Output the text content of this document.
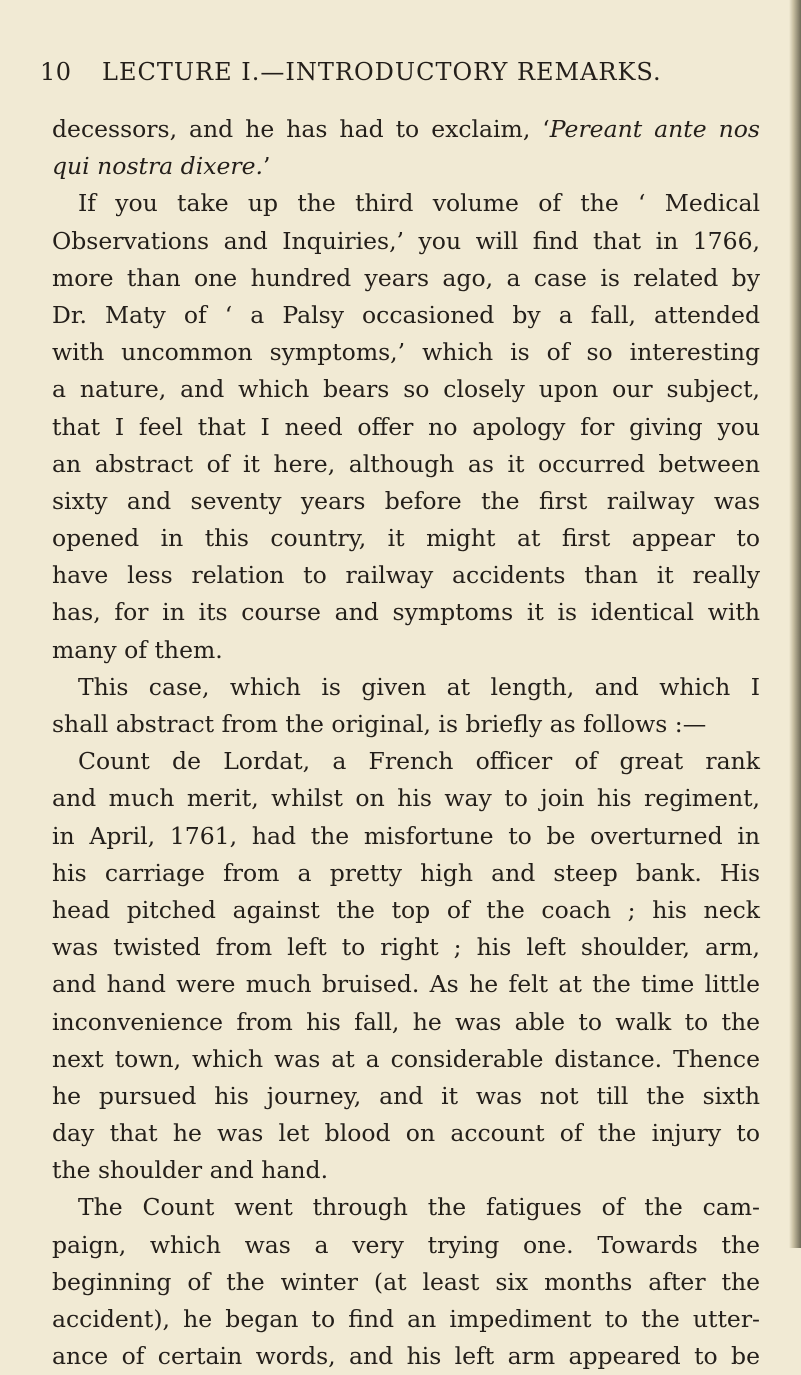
10 LECTURE I.—INTRODUCTORY REMARKS.
decessors, and he has had to exclaim, ‘Pereant ante nos
qui nostra dixere.’
If you take up the third volume of the ‘ Medical
Observations and Inquiries,’ you will find that in 1766,
more than one hundred years ago, a case is related by
Dr. Maty of ‘ a Palsy occasioned by a fall, attended
with uncommon symptoms,’ which is of so interesting
a nature, and which bears so closely upon our subject,
that I feel that I need offer no apology for giving you
an abstract of it here, although as it occurred between
sixty and seventy years before the first railway was
opened in this country, it might at first appear to
have less relation to railway accidents than it really
has, for in its course and symptoms it is identical with
many of them.
This case, which is given at length, and which I
shall abstract from the original, is briefly as follows :—
Count de Lordat, a French officer of great rank
and much merit, whilst on his way to join his regiment,
in April, 1761, had the misfortune to be overturned in
his carriage from a pretty high and steep bank. His
head pitched against the top of the coach ; his neck
was twisted from left to right ; his left shoulder, arm,
and hand were much bruised. As he felt at the time little
inconvenience from his fall, he was able to walk to the
next town, which was at a considerable distance. Thence
he pursued his journey, and it was not till the sixth
day that he was let blood on account of the injury to
the shoulder and hand.
The Count went through the fatigues of the cam-
paign, which was a very trying one. Towards the
beginning of the winter (at least six months after the
accident), he began to find an impediment to the utter-
ance of certain words, and his left arm appeared to be
